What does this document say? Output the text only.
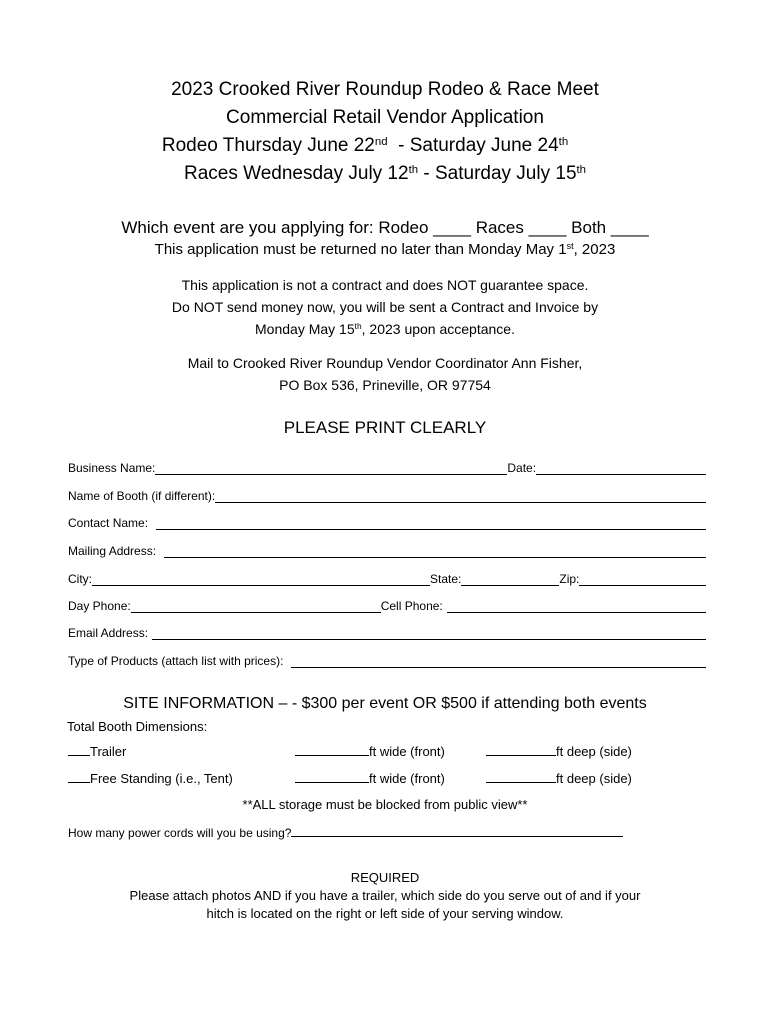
2023 Crooked River Roundup Rodeo & Race Meet
Commercial Retail Vendor Application
Rodeo Thursday June 22nd  - Saturday June 24th
Races Wednesday July 12th - Saturday July 15th
Which event are you applying for: Rodeo ____ Races ____ Both ____
This application must be returned no later than Monday May 1st, 2023
This application is not a contract and does NOT guarantee space.
Do NOT send money now, you will be sent a Contract and Invoice by
Monday May 15th, 2023 upon acceptance.
Mail to Crooked River Roundup Vendor Coordinator Ann Fisher,
PO Box 536, Prineville, OR 97754
PLEASE PRINT CLEARLY
Business Name:	Date:
Name of Booth (if different):
Contact Name:
Mailing Address:
City:	State:	Zip:
Day Phone:	Cell Phone:
Email Address:
Type of Products (attach list with prices):
SITE INFORMATION – - $300 per event OR $500 if attending both events
Total Booth Dimensions:
Trailer	ft wide (front)	ft deep (side)
Free Standing (i.e., Tent)	ft wide (front)	ft deep (side)
**ALL storage must be blocked from public view**
How many power cords will you be using?
REQUIRED
Please attach photos AND if you have a trailer, which side do you serve out of and if your
hitch is located on the right or left side of your serving window.
